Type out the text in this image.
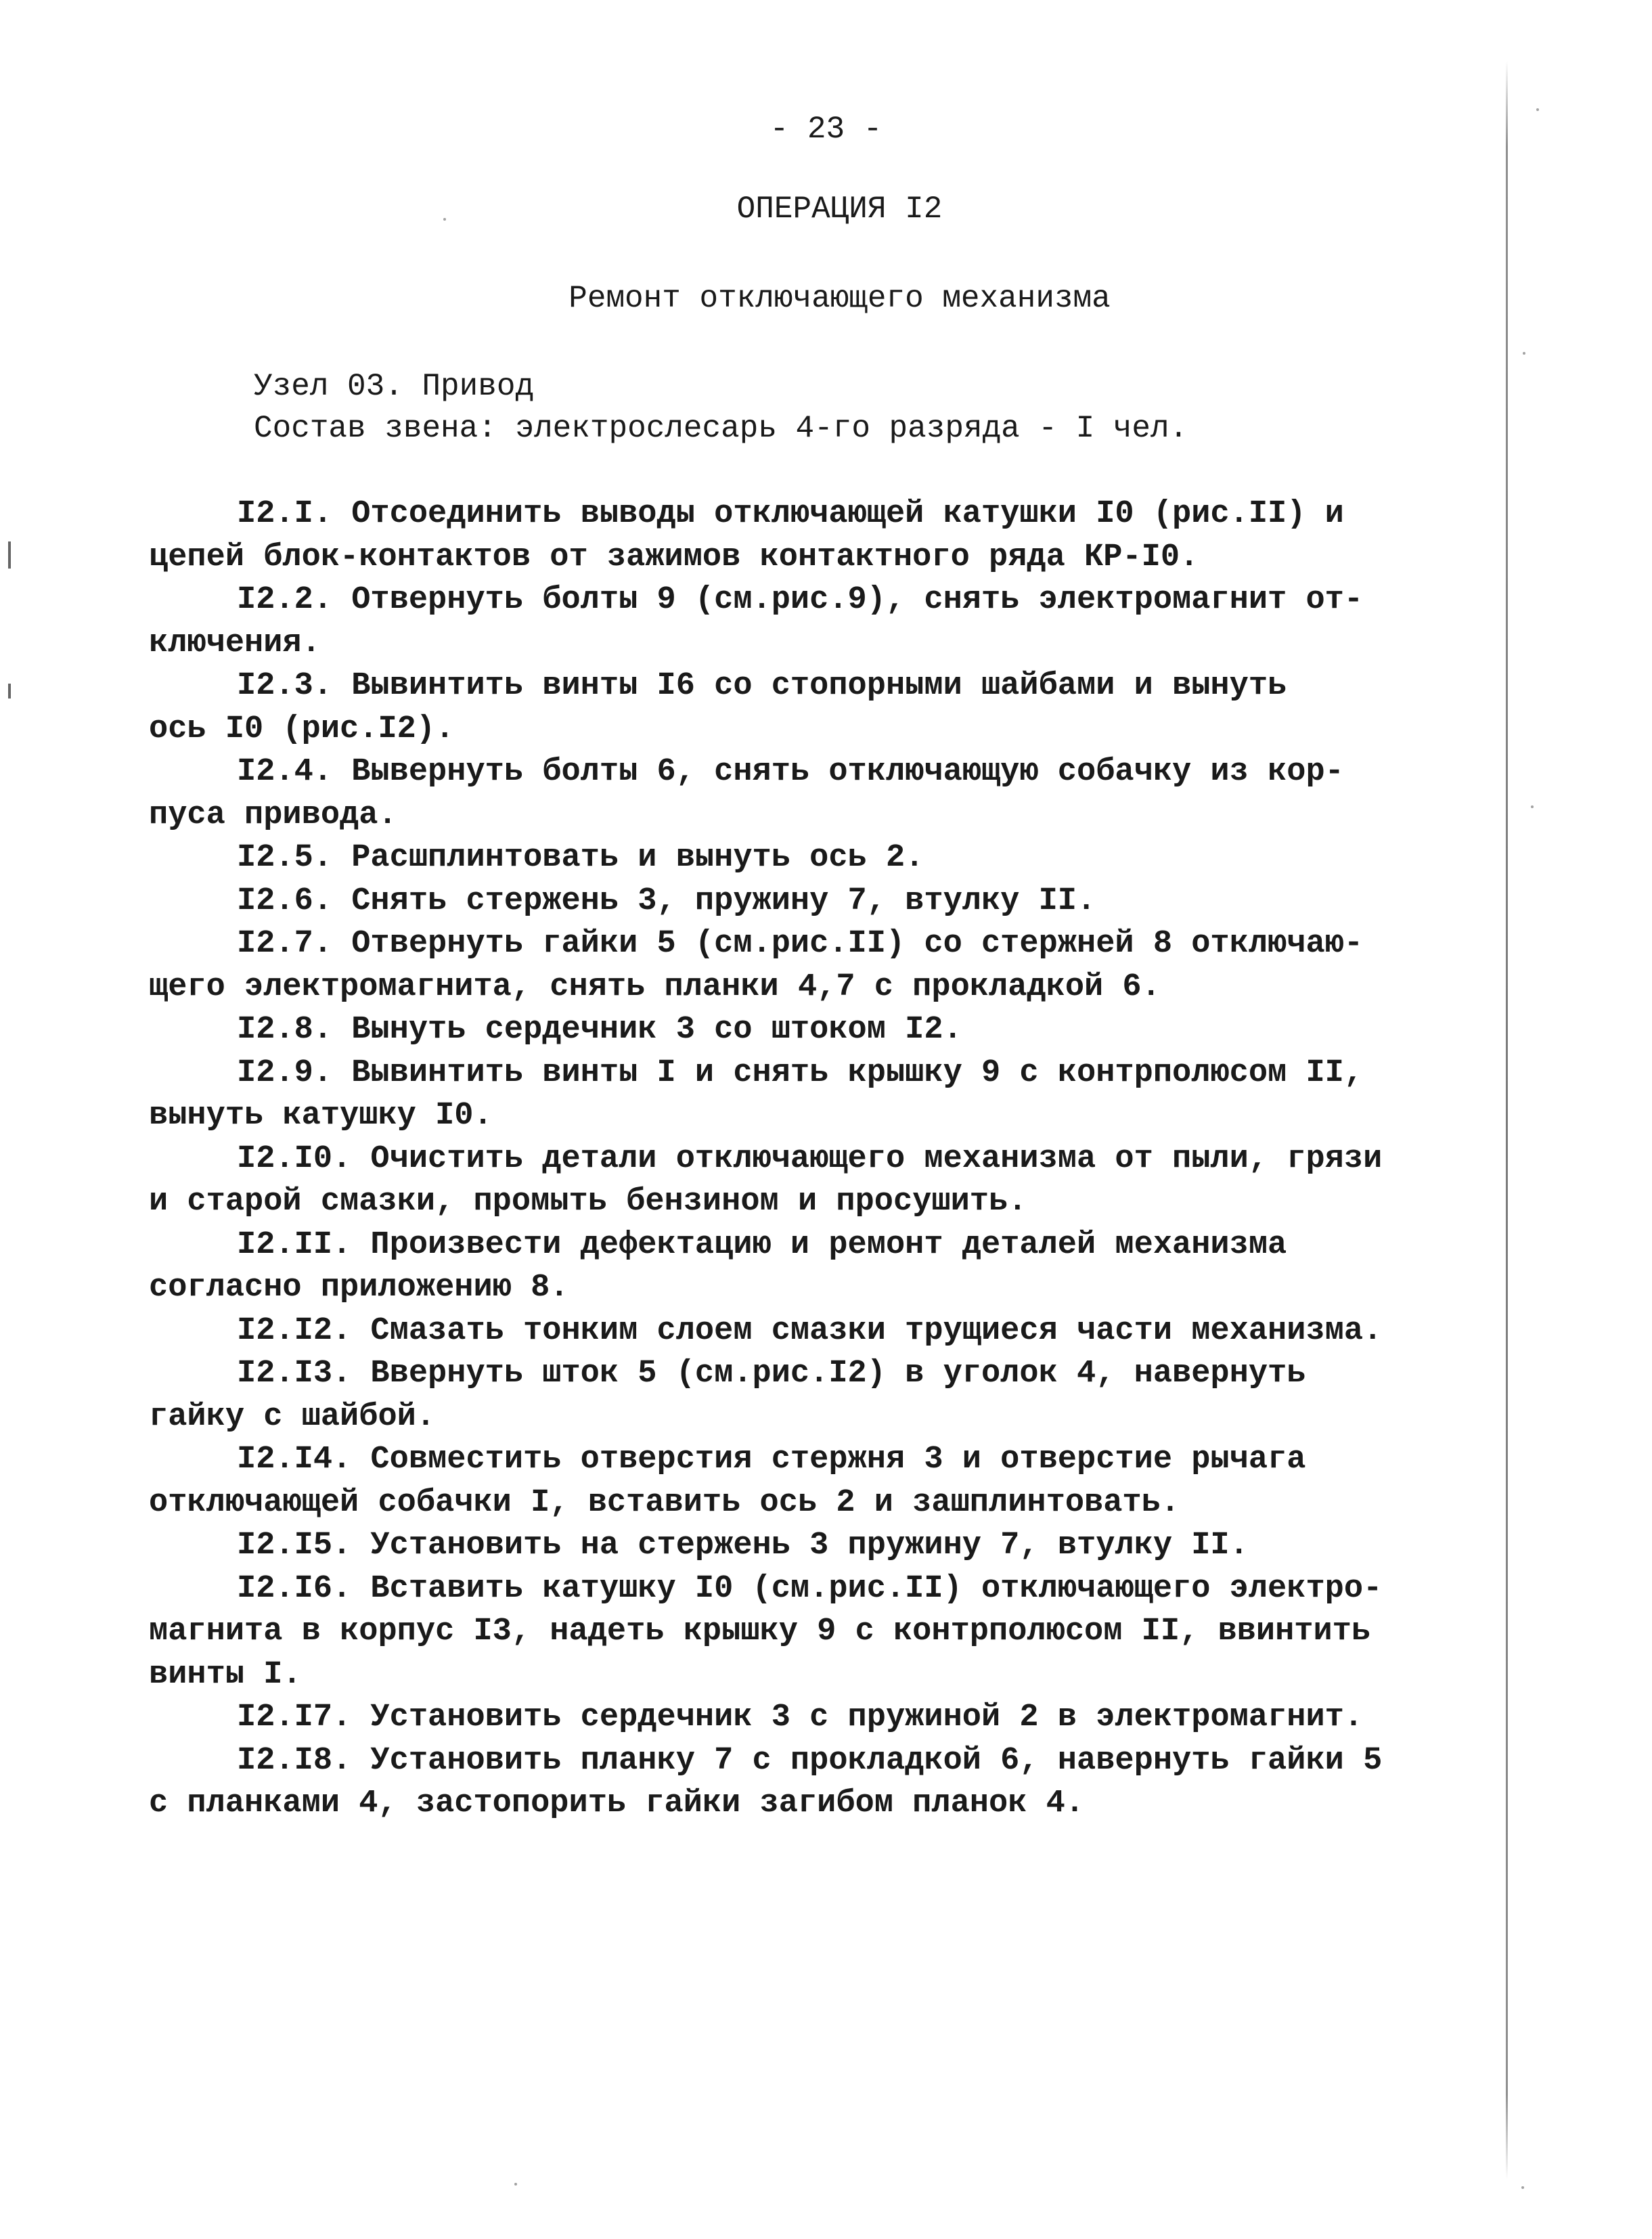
- 23 -
ОПЕРАЦИЯ I2
Ремонт отключающего механизма
Узел 03. Привод
Состав звена: электрослесарь 4-го разряда - I чел.
I2.I. Отсоединить выводы отключающей катушки I0 (рис.II) и
цепей блок-контактов от зажимов контактного ряда КР-I0.
I2.2. Отвернуть болты 9 (см.рис.9), снять электромагнит от-
ключения.
I2.3. Вывинтить винты I6 со стопорными шайбами и вынуть
ось I0 (рис.I2).
I2.4. Вывернуть болты 6, снять отключающую собачку из кор-
пуса привода.
I2.5. Расшплинтовать и вынуть ось 2.
I2.6. Снять стержень 3, пружину 7, втулку II.
I2.7. Отвернуть гайки 5 (см.рис.II) со стержней 8 отключаю-
щего электромагнита, снять планки 4,7 с прокладкой 6.
I2.8. Вынуть сердечник 3 со штоком I2.
I2.9. Вывинтить винты I и снять крышку 9 с контрполюсом II,
вынуть катушку I0.
I2.I0. Очистить детали отключающего механизма от пыли, грязи
и старой смазки, промыть бензином и просушить.
I2.II. Произвести дефектацию и ремонт деталей механизма
согласно приложению 8.
I2.I2. Смазать тонким слоем смазки трущиеся части механизма.
I2.I3. Ввернуть шток 5 (см.рис.I2) в уголок 4, навернуть
гайку с шайбой.
I2.I4. Совместить отверстия стержня 3 и отверстие рычага
отключающей собачки I, вставить ось 2 и зашплинтовать.
I2.I5. Установить на стержень 3 пружину 7, втулку II.
I2.I6. Вставить катушку I0 (см.рис.II) отключающего электро-
магнита в корпус I3, надеть крышку 9 с контрполюсом II, ввинтить
винты I.
I2.I7. Установить сердечник 3 с пружиной 2 в электромагнит.
I2.I8. Установить планку 7 с прокладкой 6, навернуть гайки 5
с планками 4, застопорить гайки загибом планок 4.
